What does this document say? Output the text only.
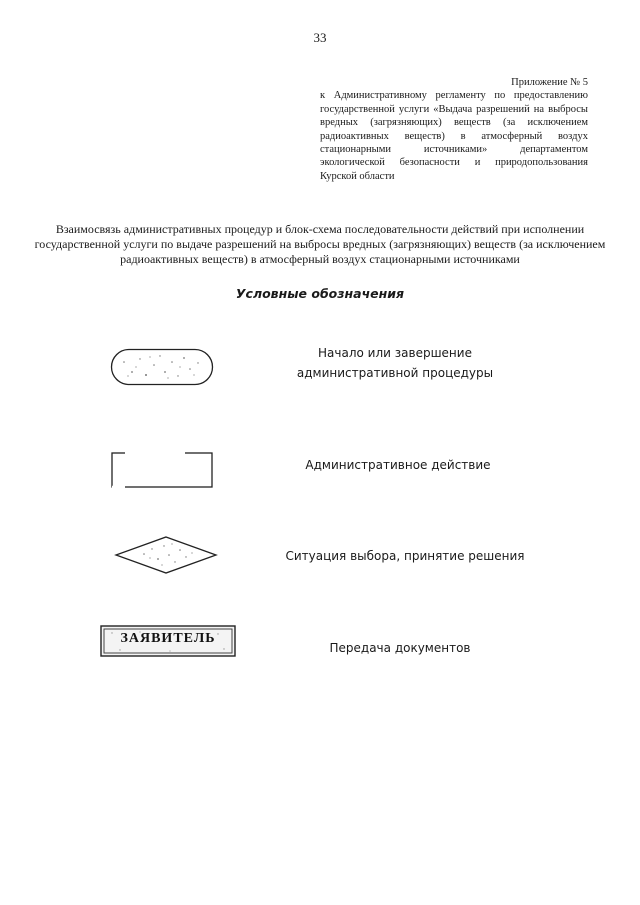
33

Приложение № 5

к Административному регламенту по предоставлению государственной услуги «Выдача разрешений на выбросы вредных (загрязняющих) веществ (за исключением радиоактивных веществ) в атмосферный воздух стационарными источниками» департаментом экологической безопасности и природопользования Курской области

Взаимосвязь административных процедур и блок-схема последовательности действий при исполнении государственной услуги по выдаче разрешений на выбросы вредных (загрязняющих) веществ (за исключением радиоактивных веществ) в атмосферный воздух стационарными источниками
Условные обозначения
Начало или завершение административной процедуры
Административное действие
Ситуация выбора, принятие решения
ЗАЯВИТЕЛЬ
Передача документов
